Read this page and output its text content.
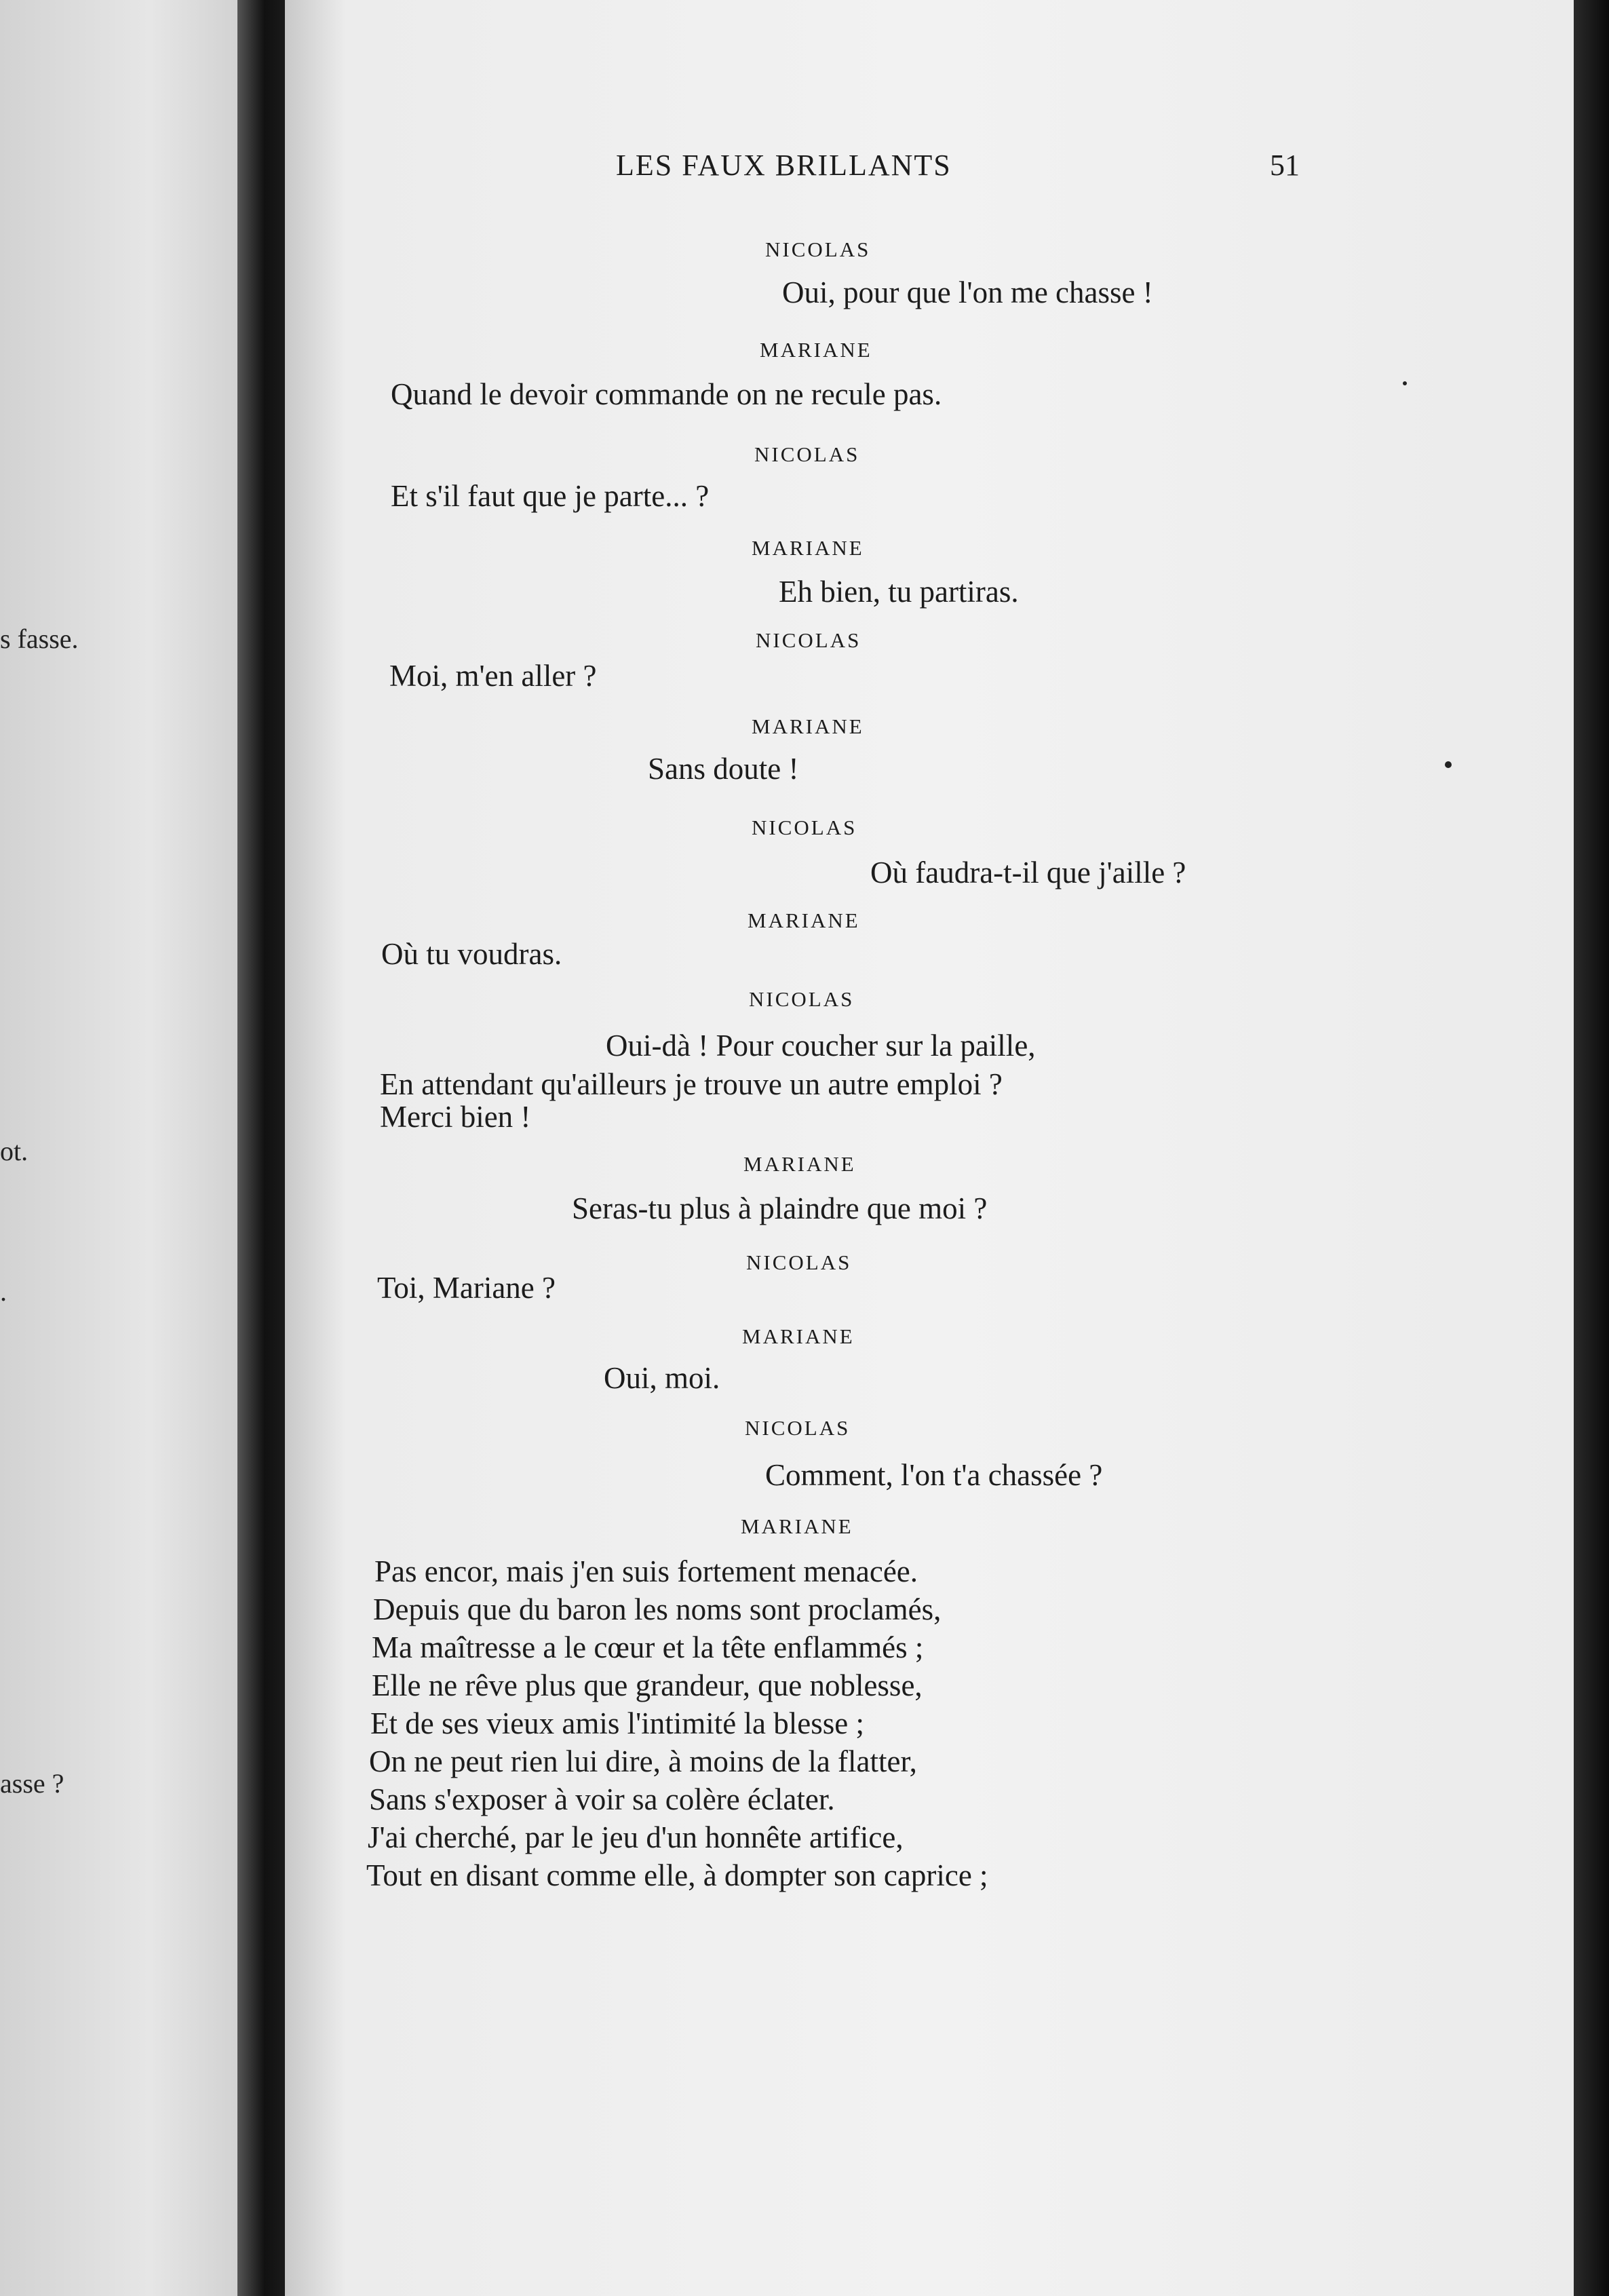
s fasse.
ot.
.
asse ?
LES FAUX BRILLANTS	51
NICOLAS
Oui, pour que l'on me chasse !
MARIANE
Quand le devoir commande on ne recule pas.
NICOLAS
Et s'il faut que je parte... ?
MARIANE
Eh bien, tu partiras.
NICOLAS
Moi, m'en aller ?
MARIANE
Sans doute !
NICOLAS
Où faudra-t-il que j'aille ?
MARIANE
Où tu voudras.
NICOLAS
Oui-dà ! Pour coucher sur la paille,
En attendant qu'ailleurs je trouve un autre emploi ?
Merci bien !
MARIANE
Seras-tu plus à plaindre que moi ?
NICOLAS
Toi, Mariane ?
MARIANE
Oui, moi.
NICOLAS
Comment, l'on t'a chassée ?
MARIANE
Pas encor, mais j'en suis fortement menacée.
Depuis que du baron les noms sont proclamés,
Ma maîtresse a le cœur et la tête enflammés ;
Elle ne rêve plus que grandeur, que noblesse,
Et de ses vieux amis l'intimité la blesse ;
On ne peut rien lui dire, à moins de la flatter,
Sans s'exposer à voir sa colère éclater.
J'ai cherché, par le jeu d'un honnête artifice,
Tout en disant comme elle, à dompter son caprice ;
